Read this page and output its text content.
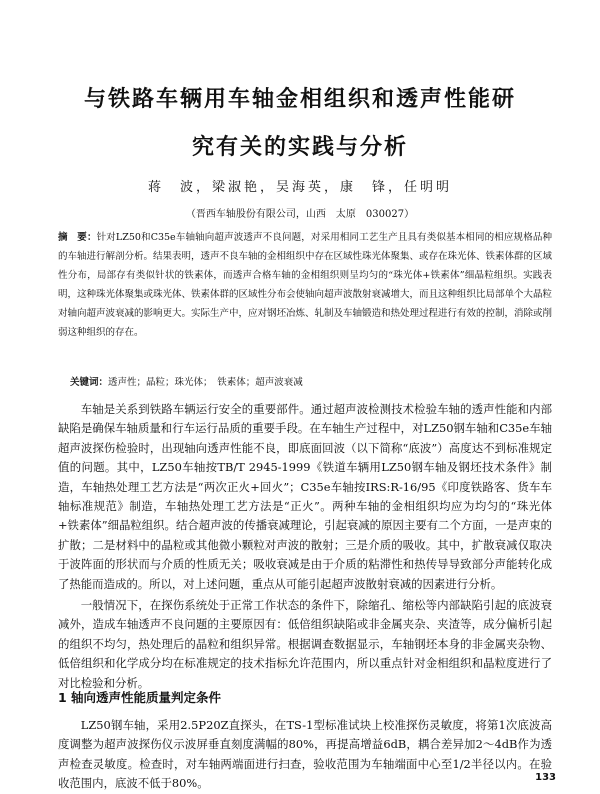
与铁路车辆用车轴金相组织和透声性能研
究有关的实践与分析
蒋　波，梁淑艳，吴海英，康　锋，任明明
（晋西车轴股份有限公司，山西　太原　030027）
摘　要：针对LZ50和C35e车轴轴向超声波透声不良问题，对采用相同工艺生产且具有类似基本相同的相应规格品种的车轴进行解剖分析。结果表明，透声不良车轴的金相组织中存在区域性珠光体聚集、或存在珠光体、铁素体群的区域性分布，局部存有类似针状的铁素体，而透声合格车轴的金相组织则呈均匀的“珠光体+铁素体”细晶粒组织。实践表明，这种珠光体聚集或珠光体、铁素体群的区域性分布会使轴向超声波散射衰减增大，而且这种组织比局部单个大晶粒对轴向超声波衰减的影响更大。实际生产中，应对钢坯冶炼、轧制及车轴锻造和热处理过程进行有效的控制，消除或削弱这种组织的存在。
关键词：透声性；晶粒；珠光体；　铁素体；超声波衰减

车轴是关系到铁路车辆运行安全的重要部件。通过超声波检测技术检验车轴的透声性能和内部缺陷是确保车轴质量和行车运行品质的重要手段。在车轴生产过程中，对LZ50钢车轴和C35e车轴超声波探伤检验时，出现轴向透声性能不良，即底面回波（以下简称“底波”）高度达不到标准规定值的问题。其中，LZ50车轴按TB/T 2945-1999《铁道车辆用LZ50钢车轴及钢坯技术条件》制造，车轴热处理工艺方法是“两次正火+回火”；C35e车轴按IRS:R-16/95《印度铁路客、货车车轴标准规范》制造，车轴热处理工艺方法是“正火”。两种车轴的金相组织均应为均匀的“珠光体+铁素体”细晶粒组织。结合超声波的传播衰减理论，引起衰减的原因主要有二个方面，一是声束的扩散；二是材料中的晶粒或其他微小颗粒对声波的散射；三是介质的吸收。其中，扩散衰减仅取决于波阵面的形状而与介质的性质无关；吸收衰减是由于介质的粘滞性和热传导导致部分声能转化成了热能而造成的。所以，对上述问题，重点从可能引起超声波散射衰减的因素进行分析。

一般情况下，在探伤系统处于正常工作状态的条件下，除缩孔、缩松等内部缺陷引起的底波衰减外，造成车轴透声不良问题的主要原因有：低倍组织缺陷或非金属夹杂、夹渣等，成分偏析引起的组织不均匀，热处理后的晶粒和组织异常。根据调查数据显示，车轴钢坯本身的非金属夹杂物、低倍组织和化学成分均在标准规定的技术指标允许范围内，所以重点针对金相组织和晶粒度进行了对比检验和分析。

1 轴向透声性能质量判定条件

LZ50钢车轴，采用2.5P20Z直探头，在TS-1型标准试块上校准探伤灵敏度，将第1次底波高度调整为超声波探伤仪示波屏垂直刻度满幅的80%，再提高增益6dB，耦合差异加2～4dB作为透声检查灵敏度。检查时，对车轴两端面进行扫查，验收范围为车轴端面中心至1/2半径以内。在验收范围内，底波不低于80%。	133
